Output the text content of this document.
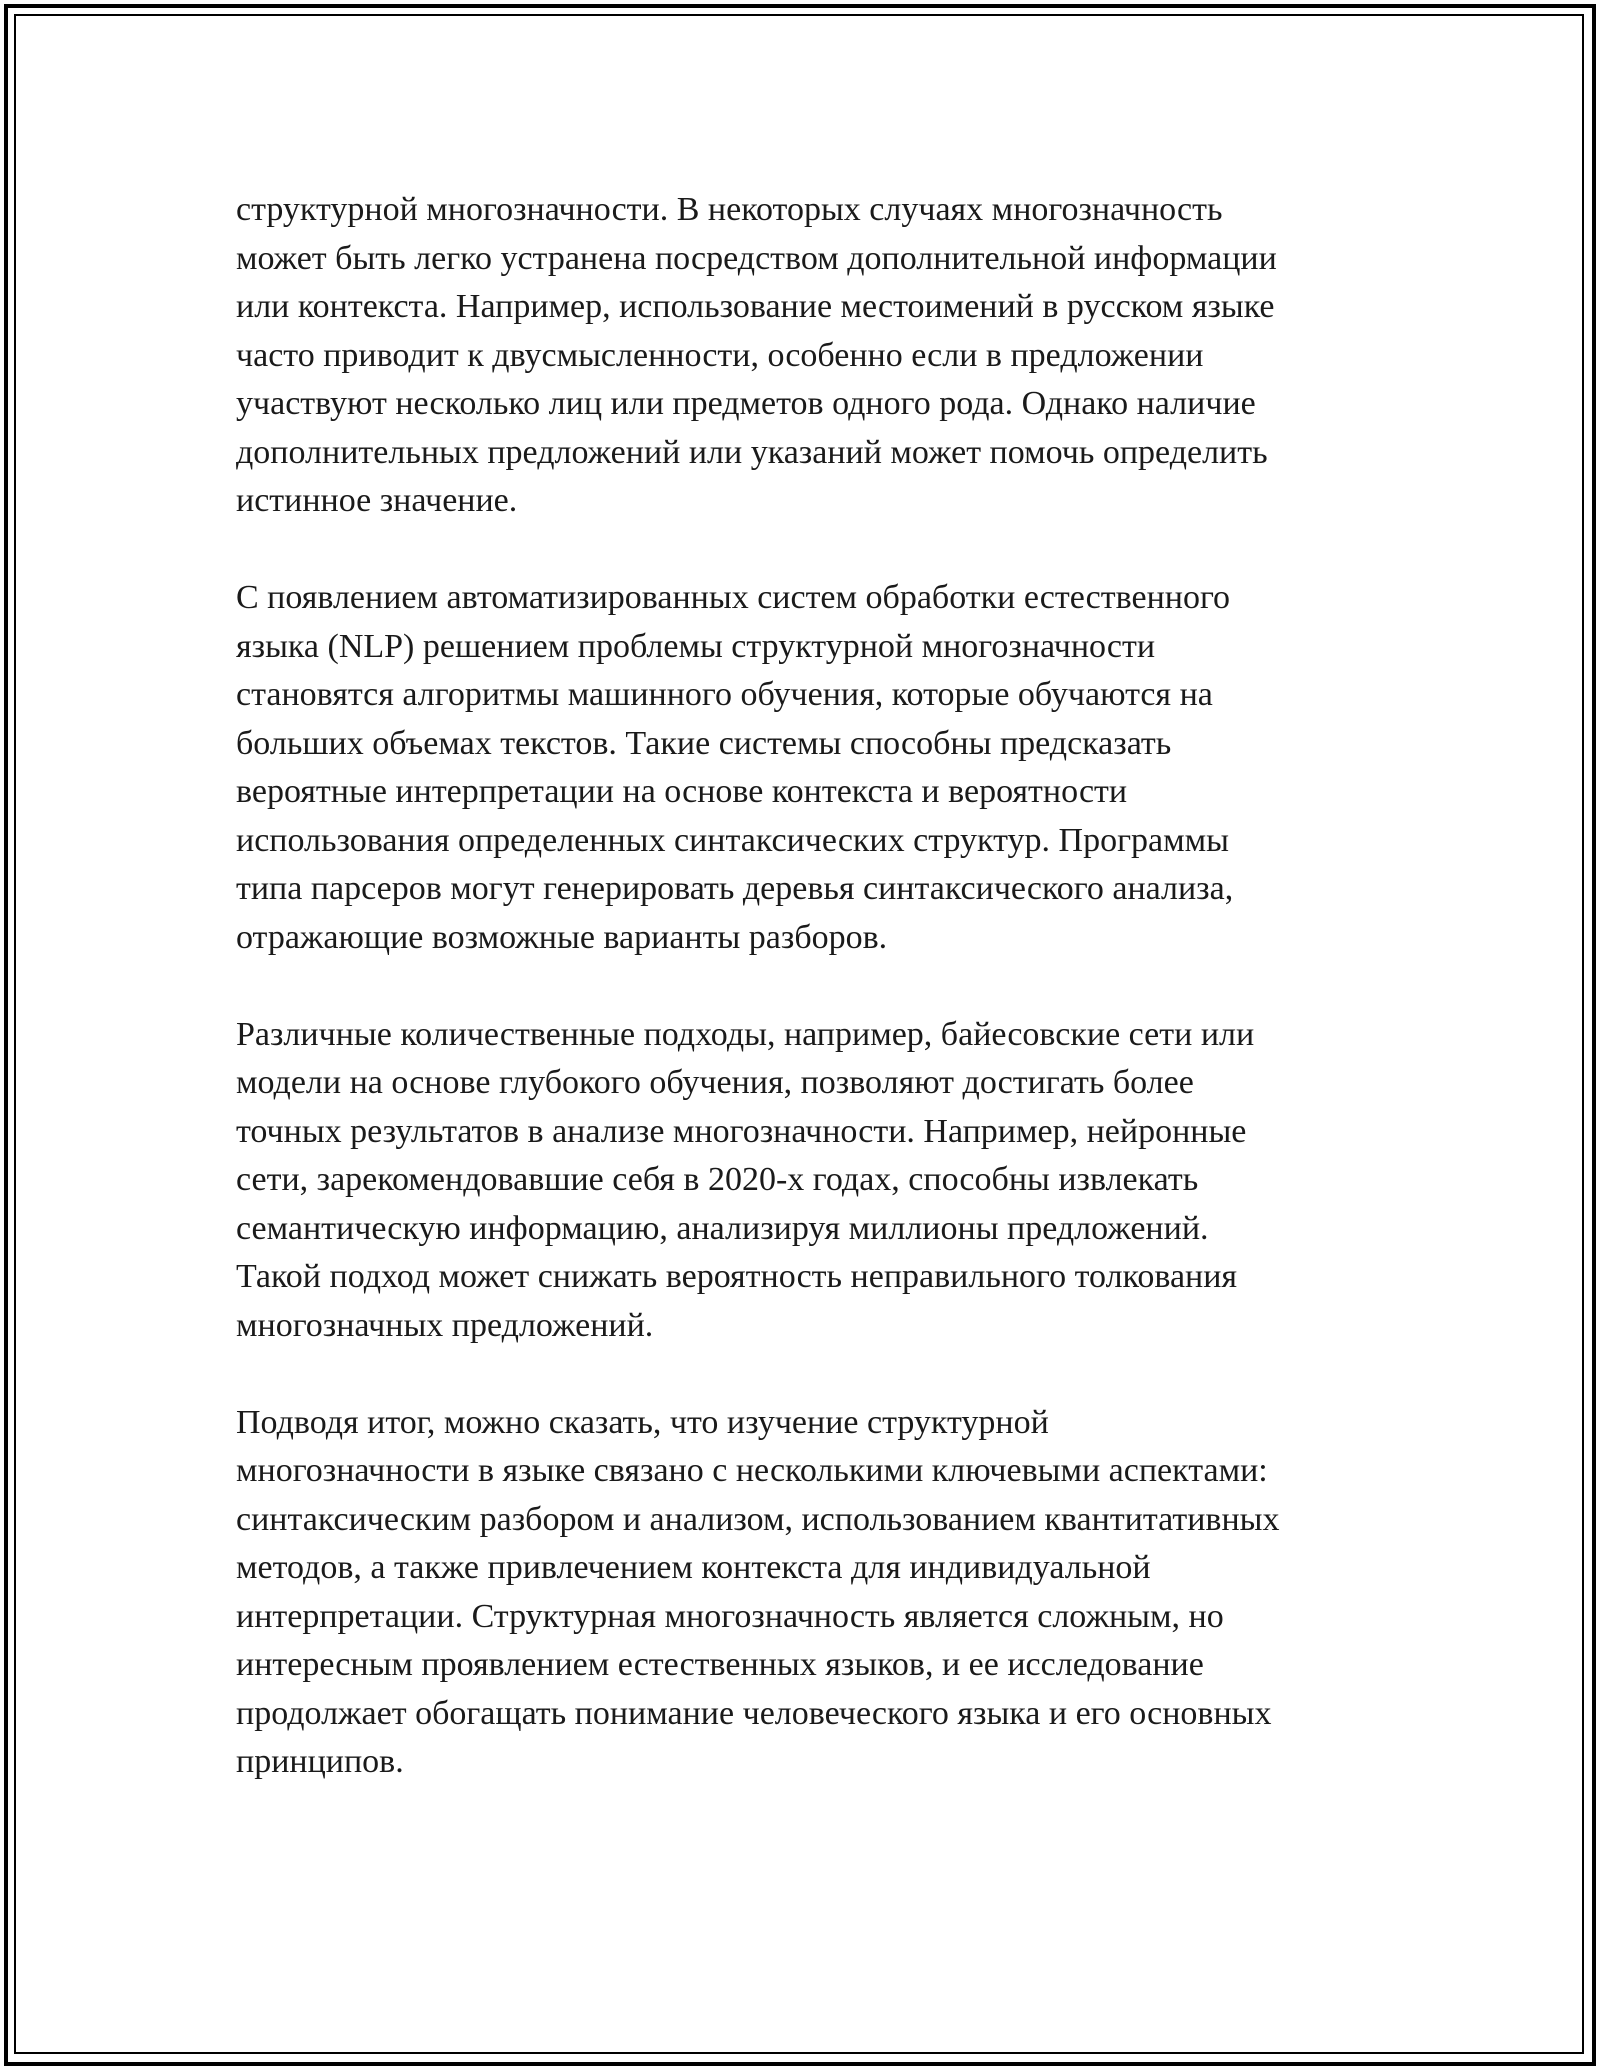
структурной многозначности. В некоторых случаях многозначность
может быть легко устранена посредством дополнительной информации
или контекста. Например, использование местоимений в русском языке
часто приводит к двусмысленности, особенно если в предложении
участвуют несколько лиц или предметов одного рода. Однако наличие
дополнительных предложений или указаний может помочь определить
истинное значение.

С появлением автоматизированных систем обработки естественного
языка (NLP) решением проблемы структурной многозначности
становятся алгоритмы машинного обучения, которые обучаются на
больших объемах текстов. Такие системы способны предсказать
вероятные интерпретации на основе контекста и вероятности
использования определенных синтаксических структур. Программы
типа парсеров могут генерировать деревья синтаксического анализа,
отражающие возможные варианты разборов.

Различные количественные подходы, например, байесовские сети или
модели на основе глубокого обучения, позволяют достигать более
точных результатов в анализе многозначности. Например, нейронные
сети, зарекомендовавшие себя в 2020-х годах, способны извлекать
семантическую информацию, анализируя миллионы предложений.
Такой подход может снижать вероятность неправильного толкования
многозначных предложений.

Подводя итог, можно сказать, что изучение структурной
многозначности в языке связано с несколькими ключевыми аспектами:
синтаксическим разбором и анализом, использованием квантитативных
методов, а также привлечением контекста для индивидуальной
интерпретации. Структурная многозначность является сложным, но
интересным проявлением естественных языков, и ее исследование
продолжает обогащать понимание человеческого языка и его основных
принципов.
